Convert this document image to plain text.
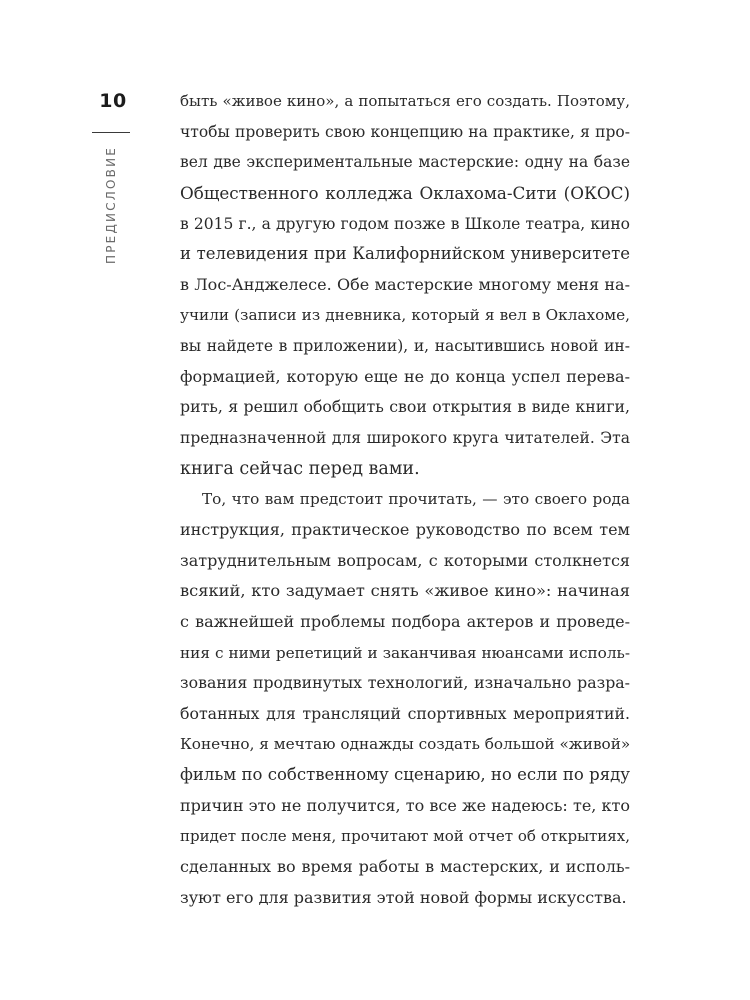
10
ПРЕДИСЛОВИЕ
быть «живое кино», а попытаться его создать. Поэтому,
чтобы проверить свою концепцию на практике, я про-
вел две экспериментальные мастерские: одну на базе
Общественного колледжа Оклахома-Сити (ОКОС)
в 2015 г., а другую годом позже в Школе театра, кино
и телевидения при Калифорнийском университете
в Лос-Анджелесе. Обе мастерские многому меня на-
учили (записи из дневника, который я вел в Оклахоме,
вы найдете в приложении), и, насытившись новой ин-
формацией, которую еще не до конца успел перева-
рить, я решил обобщить свои открытия в виде книги,
предназначенной для широкого круга читателей. Эта
книга сейчас перед вами.
То, что вам предстоит прочитать, — это своего рода
инструкция, практическое руководство по всем тем
затруднительным вопросам, с которыми столкнется
всякий, кто задумает снять «живое кино»: начиная
с важнейшей проблемы подбора актеров и проведе-
ния с ними репетиций и заканчивая нюансами исполь-
зования продвинутых технологий, изначально разра-
ботанных для трансляций спортивных мероприятий.
Конечно, я мечтаю однажды создать большой «живой»
фильм по собственному сценарию, но если по ряду
причин это не получится, то все же надеюсь: те, кто
придет после меня, прочитают мой отчет об открытиях,
сделанных во время работы в мастерских, и исполь-
зуют его для развития этой новой формы искусства.
